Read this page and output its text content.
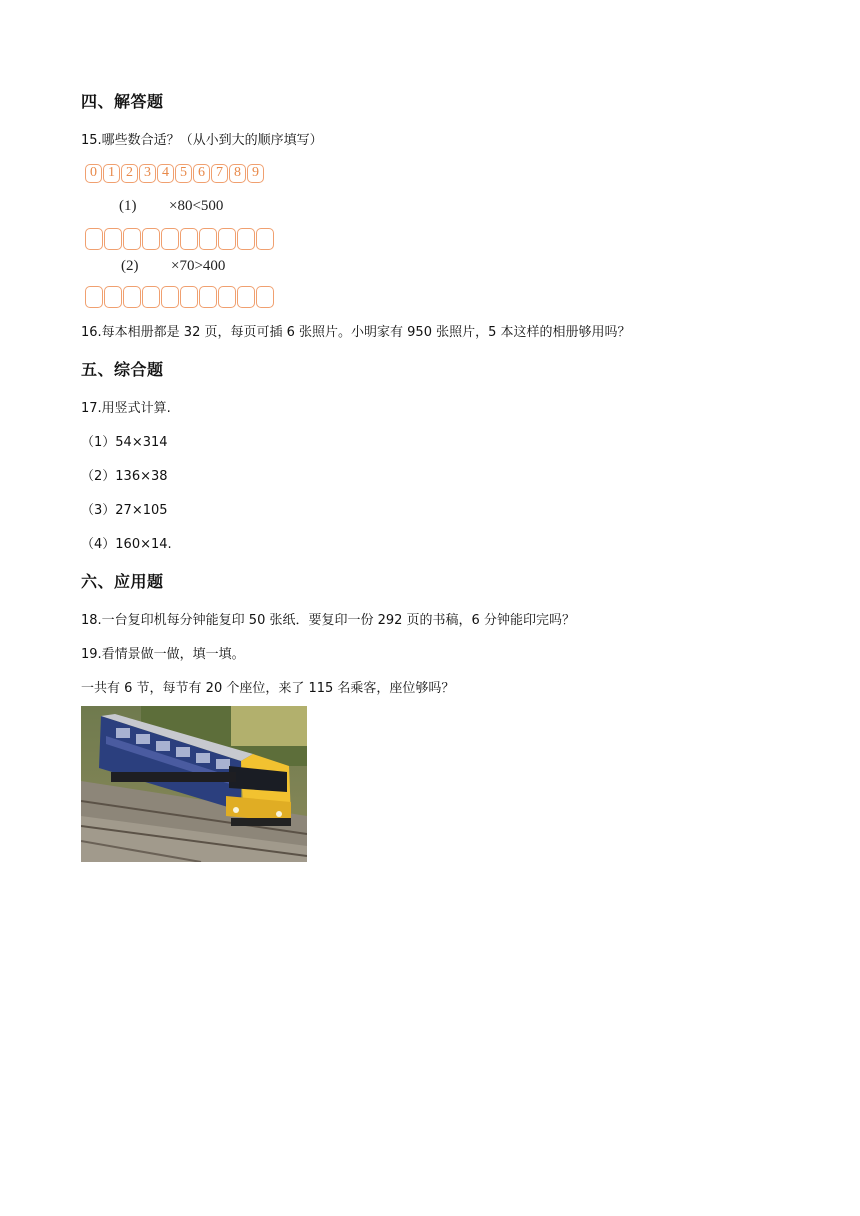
四、解答题
15.哪些数合适？（从小到大的顺序填写）
0 1 2 3 4 5 6 7 8 9
(1) ×80<500
(2) ×70>400
16.每本相册都是 32 页，每页可插 6 张照片。小明家有 950 张照片，5 本这样的相册够用吗？
五、综合题
17.用竖式计算.
（1）54×314
（2）136×38
（3）27×105
（4）160×14.
六、应用题
18.一台复印机每分钟能复印 50 张纸．要复印一份 292 页的书稿，6 分钟能印完吗？
19.看情景做一做，填一填。
一共有 6 节，每节有 20 个座位，来了 115 名乘客，座位够吗？
